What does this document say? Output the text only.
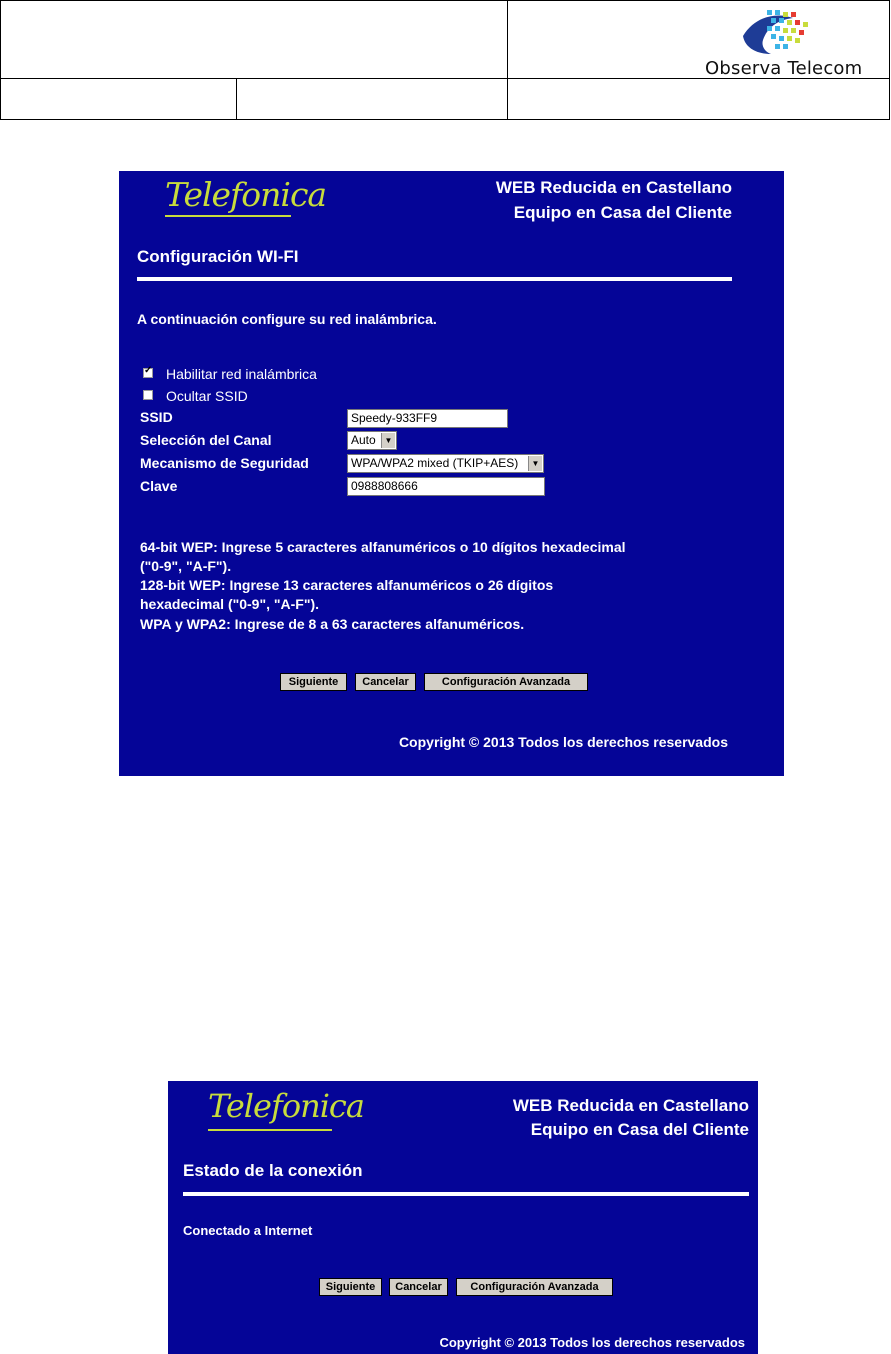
Observa Telecom
Telefonica	WEB Reducida en Castellano
Equipo en Casa del Cliente
Configuración WI-FI
A continuación configure su red inalámbrica.
✓
Habilitar red inalámbrica
Ocultar SSID
SSID	Speedy-933FF9
Selección del Canal	Auto	▼
Mecanismo de Seguridad	WPA/WPA2 mixed (TKIP+AES)	▼
Clave	0988808666
64-bit WEP: Ingrese 5 caracteres alfanuméricos o 10 dígitos hexadecimal
("0-9", "A-F").
128-bit WEP: Ingrese 13 caracteres alfanuméricos o 26 dígitos
hexadecimal ("0-9", "A-F").
WPA y WPA2: Ingrese de 8 a 63 caracteres alfanuméricos.
Siguiente	Cancelar	Configuración Avanzada
Copyright © 2013 Todos los derechos reservados
Telefonica	WEB Reducida en Castellano
Equipo en Casa del Cliente
Estado de la conexión
Conectado a Internet
Siguiente	Cancelar	Configuración Avanzada
Copyright © 2013 Todos los derechos reservados
